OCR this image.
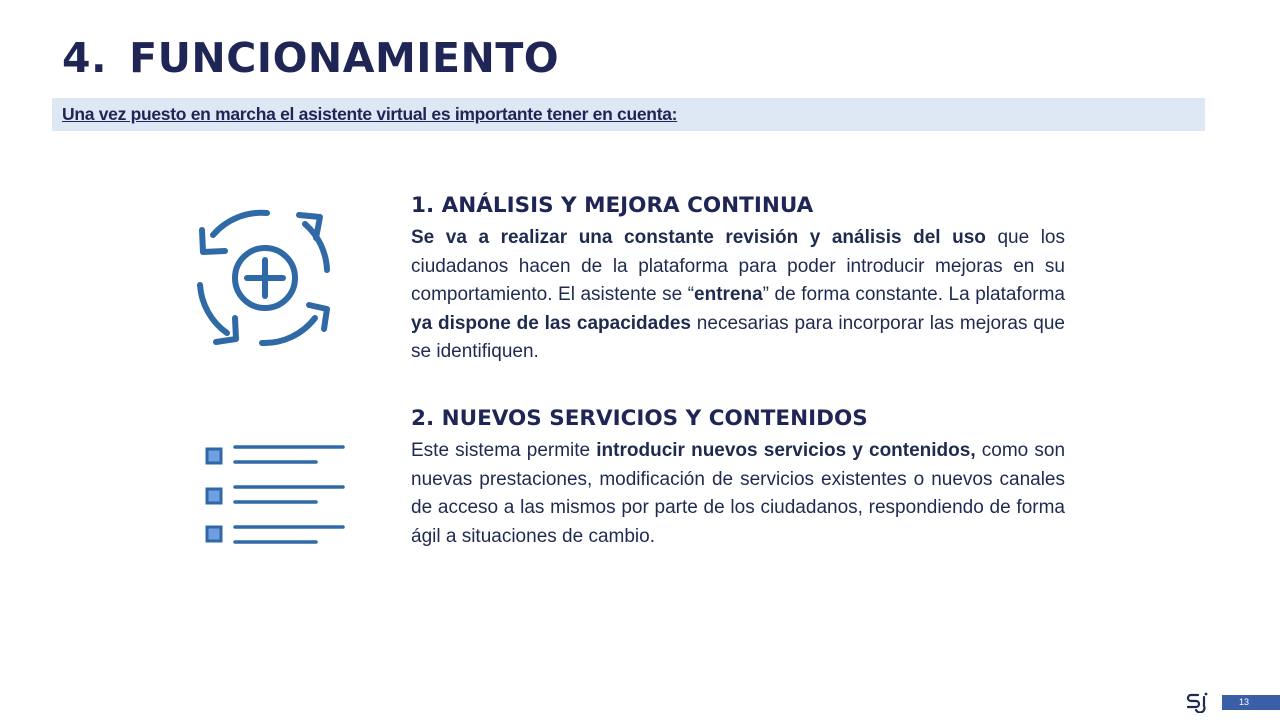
4. FUNCIONAMIENTO
Una vez puesto en marcha el asistente virtual es importante tener en cuenta:
1. ANÁLISIS Y MEJORA CONTINUA

Se va a realizar una constante revisión y análisis del uso que los ciudadanos hacen de la plataforma para poder introducir mejoras en su comportamiento. El asistente se “entrena” de forma constante. La plataforma ya dispone de las capacidades necesarias para incorporar las mejoras que se identifiquen.

2. NUEVOS SERVICIOS Y CONTENIDOS

Este sistema permite introducir nuevos servicios y contenidos, como son nuevas prestaciones, modificación de servicios existentes o nuevos canales de acceso a las mismos por parte de los ciudadanos, respondiendo de forma ágil a situaciones de cambio.

13
